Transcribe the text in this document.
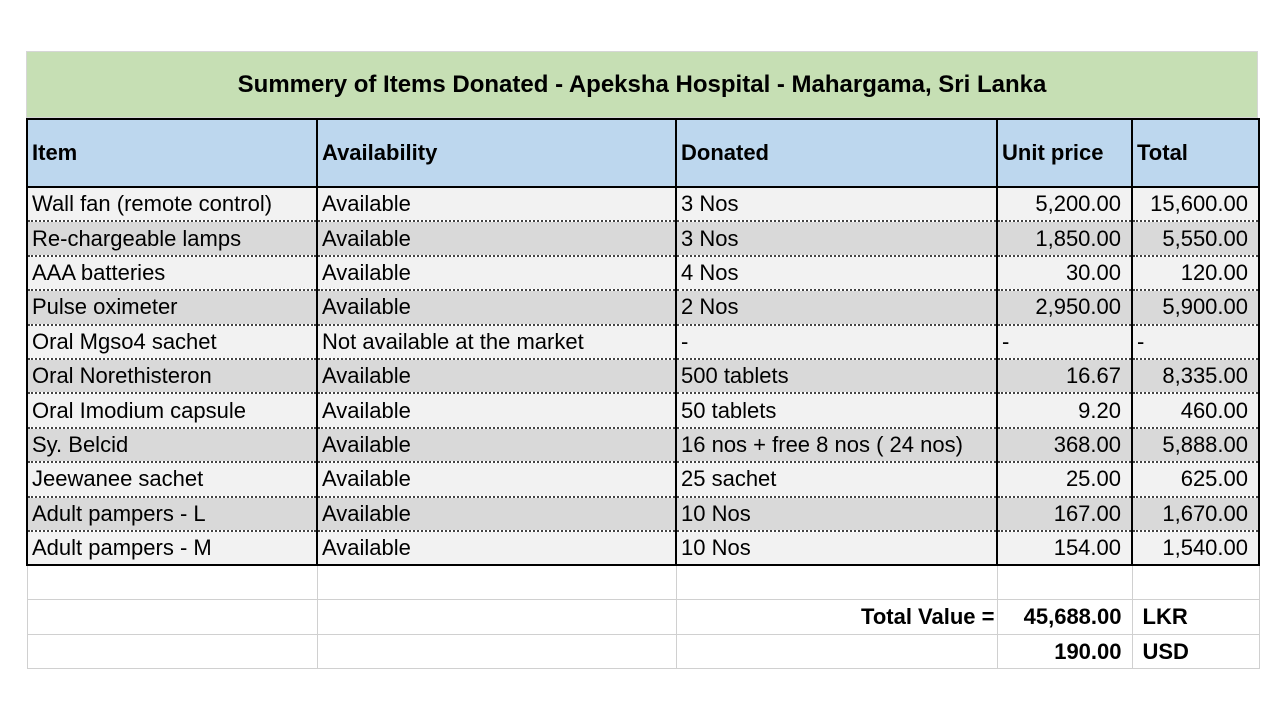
Summery of Items Donated - Apeksha Hospital - Mahargama, Sri Lanka
Item	Availability	Donated	Unit price	Total
Wall fan (remote control)	Available	3 Nos	5,200.00	15,600.00
Re-chargeable lamps	Available	3 Nos	1,850.00	5,550.00
AAA batteries	Available	4 Nos	30.00	120.00
Pulse oximeter	Available	2 Nos	2,950.00	5,900.00
Oral Mgso4 sachet	Not available at the market	-	-	-
Oral Norethisteron	Available	500 tablets	16.67	8,335.00
Oral Imodium capsule	Available	50 tablets	9.20	460.00
Sy. Belcid	Available	16 nos + free 8 nos ( 24 nos)	368.00	5,888.00
Jeewanee sachet	Available	25 sachet	25.00	625.00
Adult pampers - L	Available	10 Nos	167.00	1,670.00
Adult pampers - M	Available	10 Nos	154.00	1,540.00

		Total Value =	45,688.00	LKR
			190.00	USD
